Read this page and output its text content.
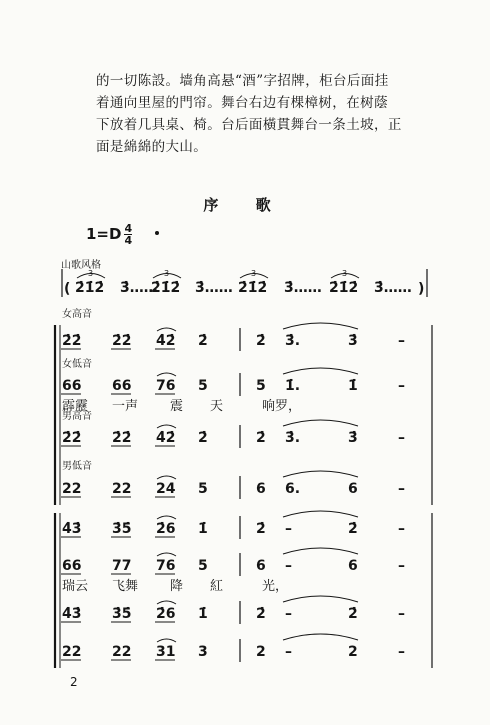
的一切陈設。墙角高悬“酒”字招牌，柜台后面挂
着通向里屋的門帘。舞台右边有棵樟树，在树蔭
下放着几具桌、椅。台后面橫貫舞台一条土坡，正
面是綿綿的大山。
序 歌
$1=D \frac{4}{4}$
山歌风格
( 2̇1̇2̇
3
3̇……
2̇1̇2̇
3
3̇…… 2̇1̇2̇
3
3̇…… 2̇1̇2̇
3
3̇…… )
女高音
女低音
男高音
男低音
2̇2̇ 2̇2̇ 4̇2̇ 2̇	2̇ 3̇.	3̇	–
66 66 76 5	5 1̇.	1̇	–
2̇2̇ 2̇2̇ 4̇2̇ 2̇	2̇ 3̇.	3̇	–
22 22 24 5	6 6.	6	–
霹靂 一声 震 天	响罗，
4̇3̇ 3̇5̇ 2̇6 1̇	2̇ –	2̇	–
66 77 76 5	6 –	6	–
4̇3̇ 3̇5̇ 2̇6 1̇	2̇ –	2̇	–
22 22 31 3	2 –	2	–
瑞云 飞舞 降 紅	光，
2
